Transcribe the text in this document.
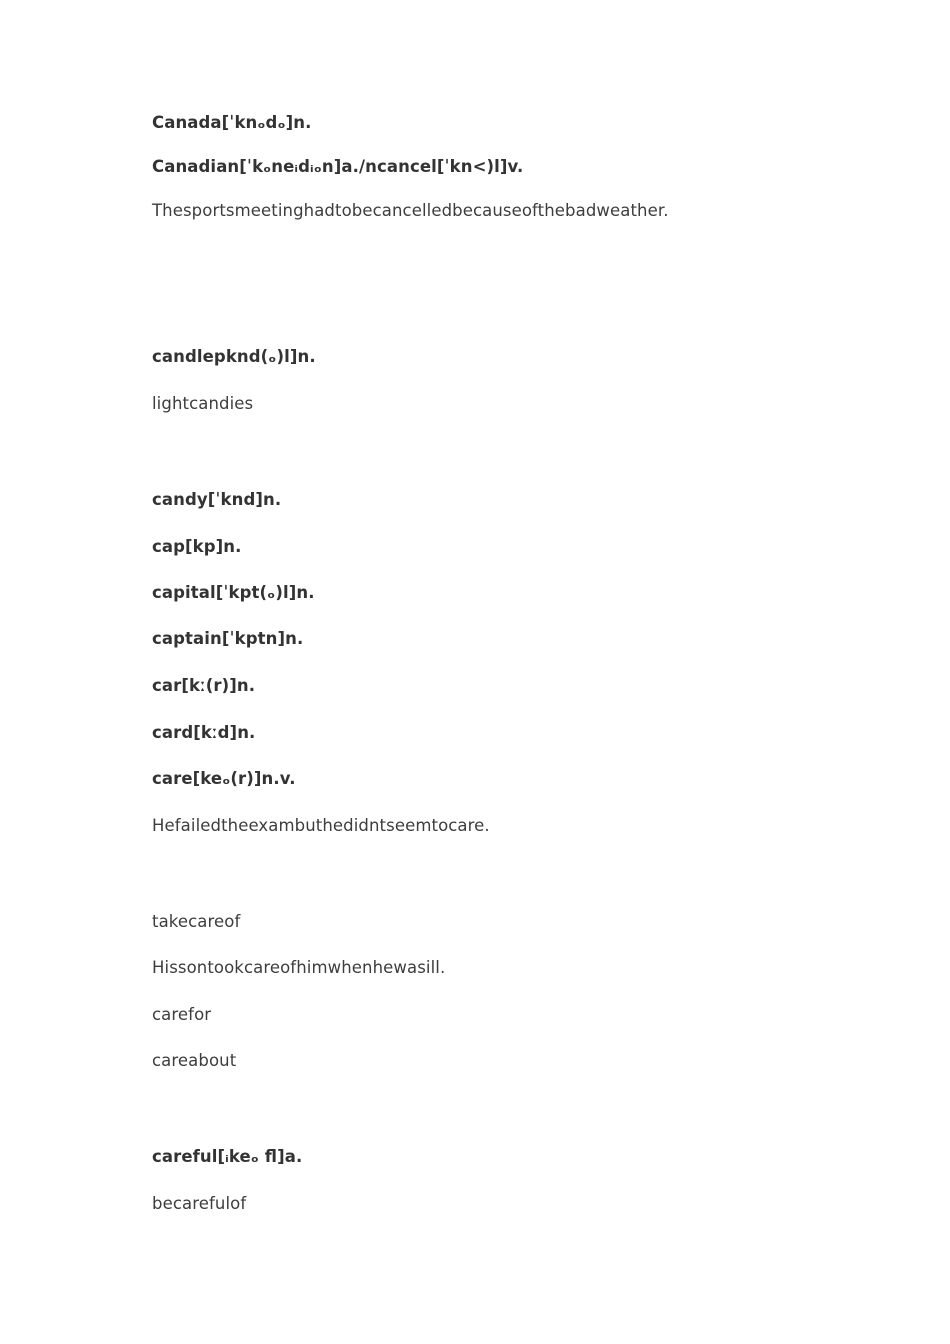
Canada[ˈknₒdₒ]n.
Canadian[ˈkₒneᵢdᵢₒn]a./ncancel[ˈkn<)l]v.
Thesportsmeetinghadtobecancelledbecauseofthebadweather.
candlepknd(ₒ)l]n.
lightcandies
candy[ˈknd]n.
cap[kp]n.
capital[ˈkpt(ₒ)l]n.
captain[ˈkptn]n.
car[kː(r)]n.
card[kːd]n.
care[keₒ(r)]n.v.
Hefailedtheexambuthedidntseemtocare.
takecareof
Hissontookcareofhimwhenhewasill.
carefor
careabout
careful[ᵢkeₒ ﬂ]a.
becarefulof
